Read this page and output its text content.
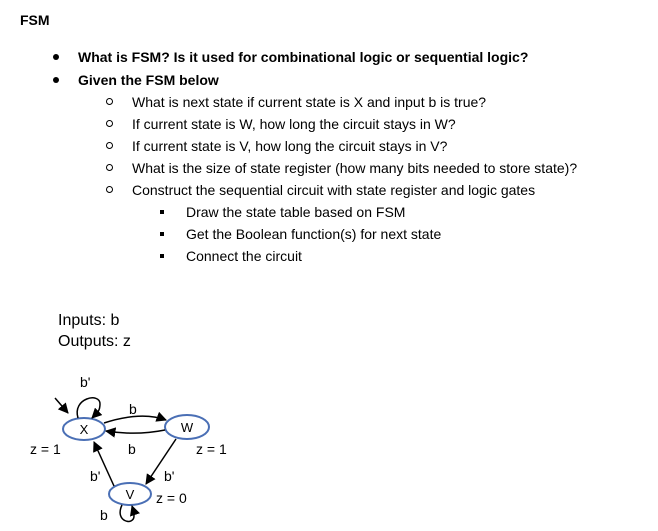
FSM
What is FSM? Is it used for combinational logic or sequential logic?
Given the FSM below
What is next state if current state is X and input b is true?
If current state is W, how long the circuit stays in W?
If current state is V, how long the circuit stays in V?
What is the size of state register (how many bits needed to store state)?
Construct the sequential circuit with state register and logic gates
Draw the state table based on FSM
Get the Boolean function(s) for next state
Connect the circuit
Inputs: b
Outputs: z
X	W
V
b'
b
b
b'	b'
b
z = 1	z = 1
z = 0
